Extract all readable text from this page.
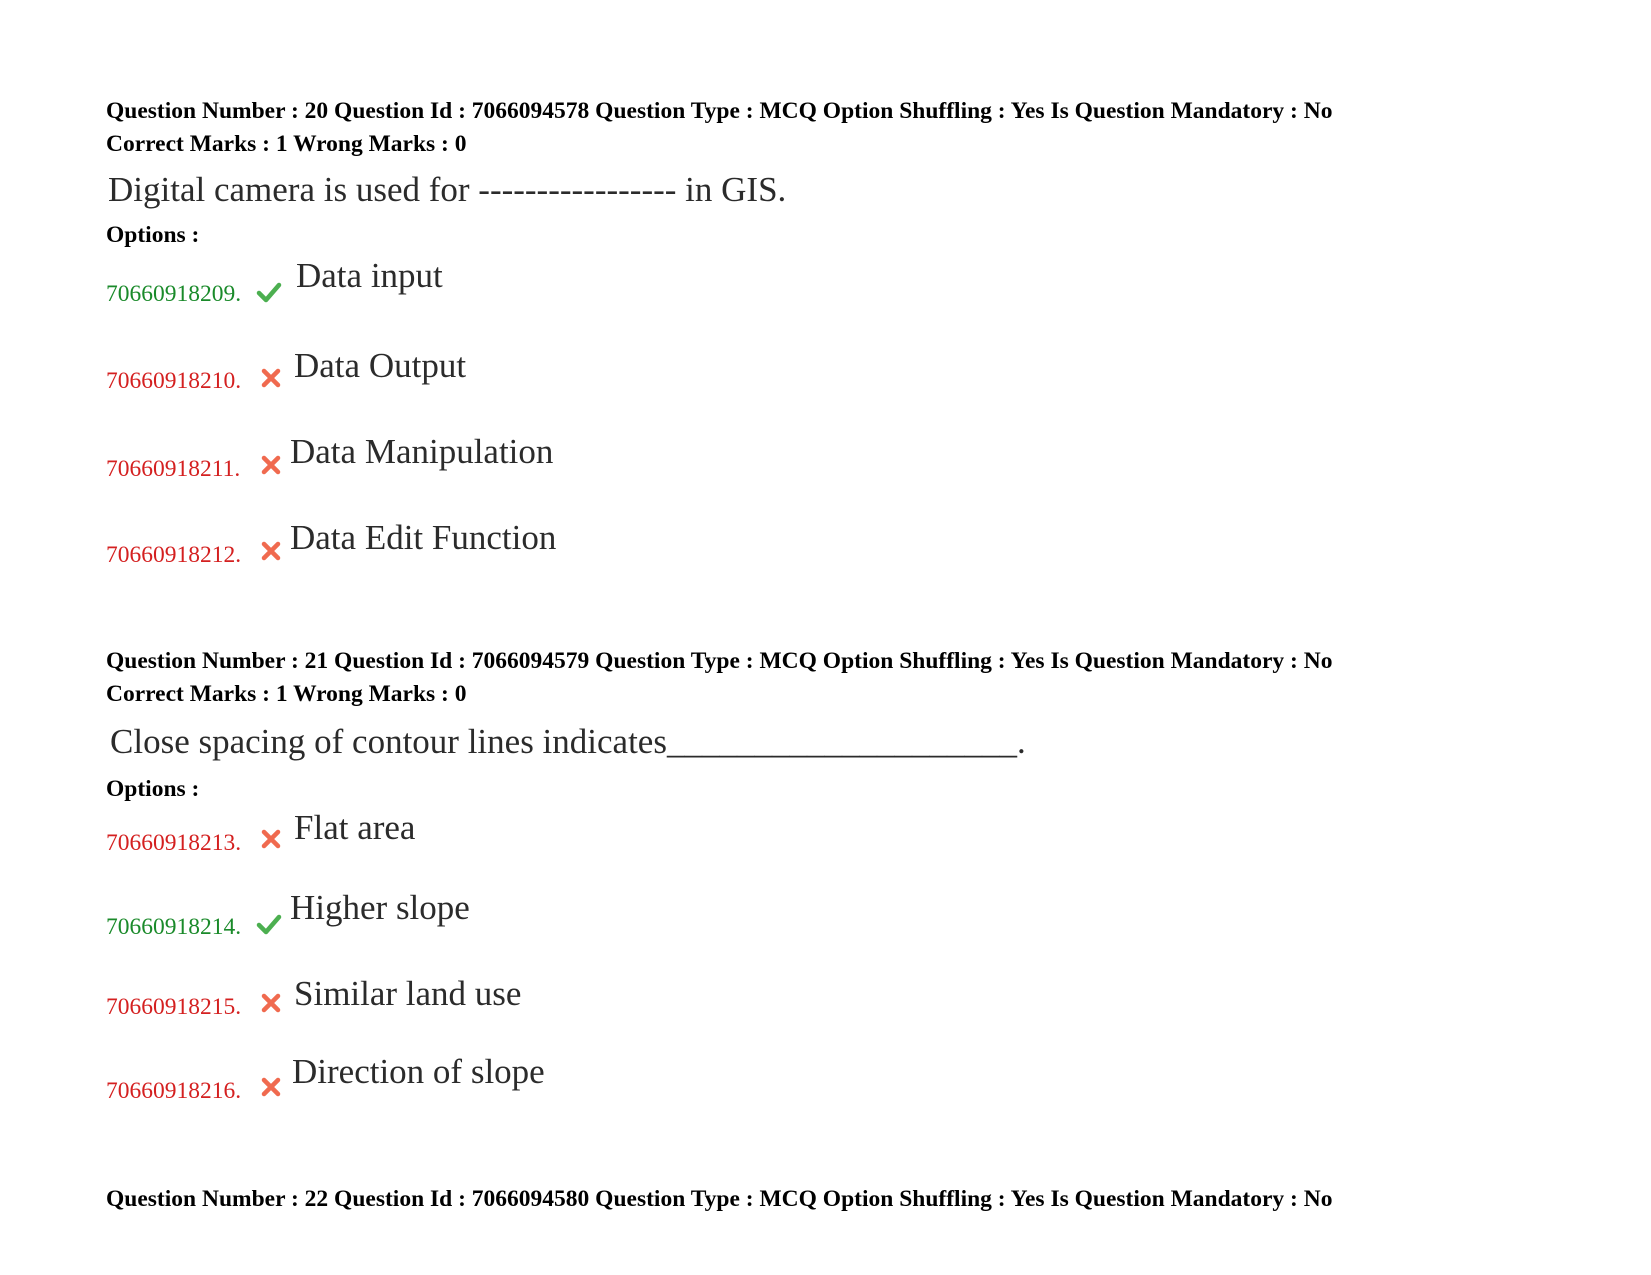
Question Number : 20 Question Id : 7066094578 Question Type : MCQ Option Shuffling : Yes Is Question Mandatory : No
Correct Marks : 1 Wrong Marks : 0
Digital camera is used for ----------------- in GIS.
Options :
70660918209. Data input
70660918210. Data Output
70660918211. Data Manipulation
70660918212. Data Edit Function
Question Number : 21 Question Id : 7066094579 Question Type : MCQ Option Shuffling : Yes Is Question Mandatory : No
Correct Marks : 1 Wrong Marks : 0
Close spacing of contour lines indicates____________________.
Options :
70660918213. Flat area
70660918214. Higher slope
70660918215. Similar land use
70660918216. Direction of slope
Question Number : 22 Question Id : 7066094580 Question Type : MCQ Option Shuffling : Yes Is Question Mandatory : No
